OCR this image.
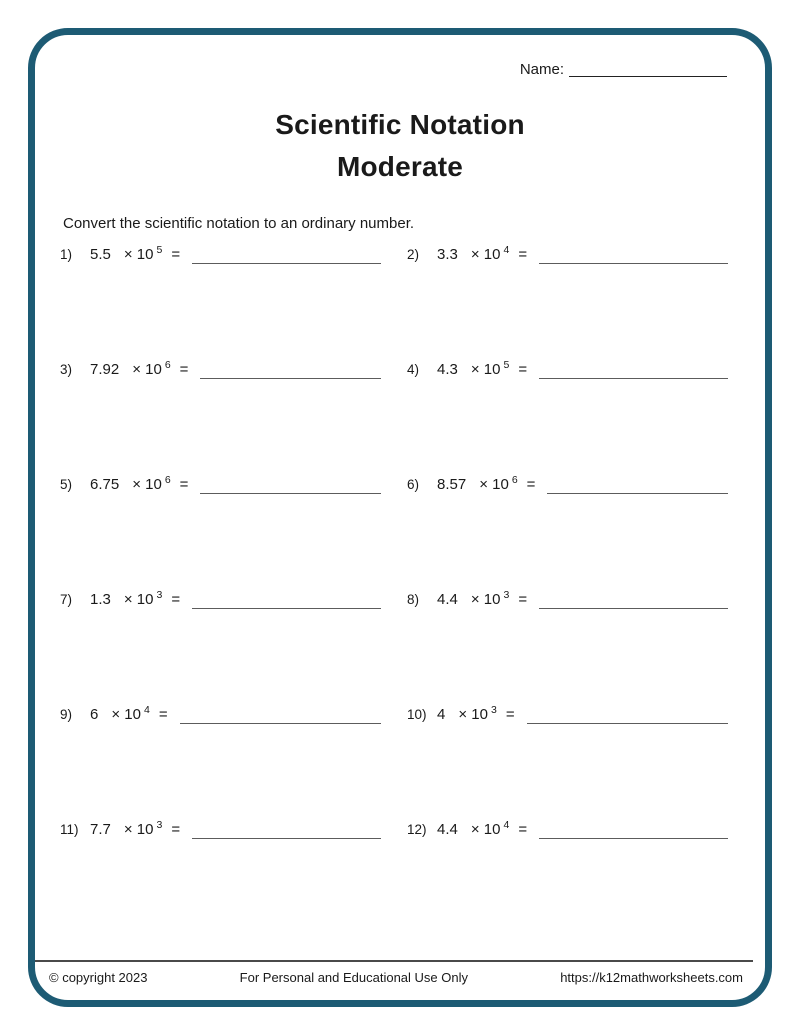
Name:
Scientific Notation
Moderate
Convert the scientific notation to an ordinary number.
1)	5.5 × 10 5 =	2)	3.3 × 10 4 =
3)	7.92 × 10 6 =	4)	4.3 × 10 5 =
5)	6.75 × 10 6 =	6)	8.57 × 10 6 =
7)	1.3 × 10 3 =	8)	4.4 × 10 3 =
9)	6 × 10 4 =	10) 4 × 10 3 =
11) 7.7 × 10 3 =	12) 4.4 × 10 4 =
© copyright 2023	For Personal and Educational Use Only	https://k12mathworksheets.com
